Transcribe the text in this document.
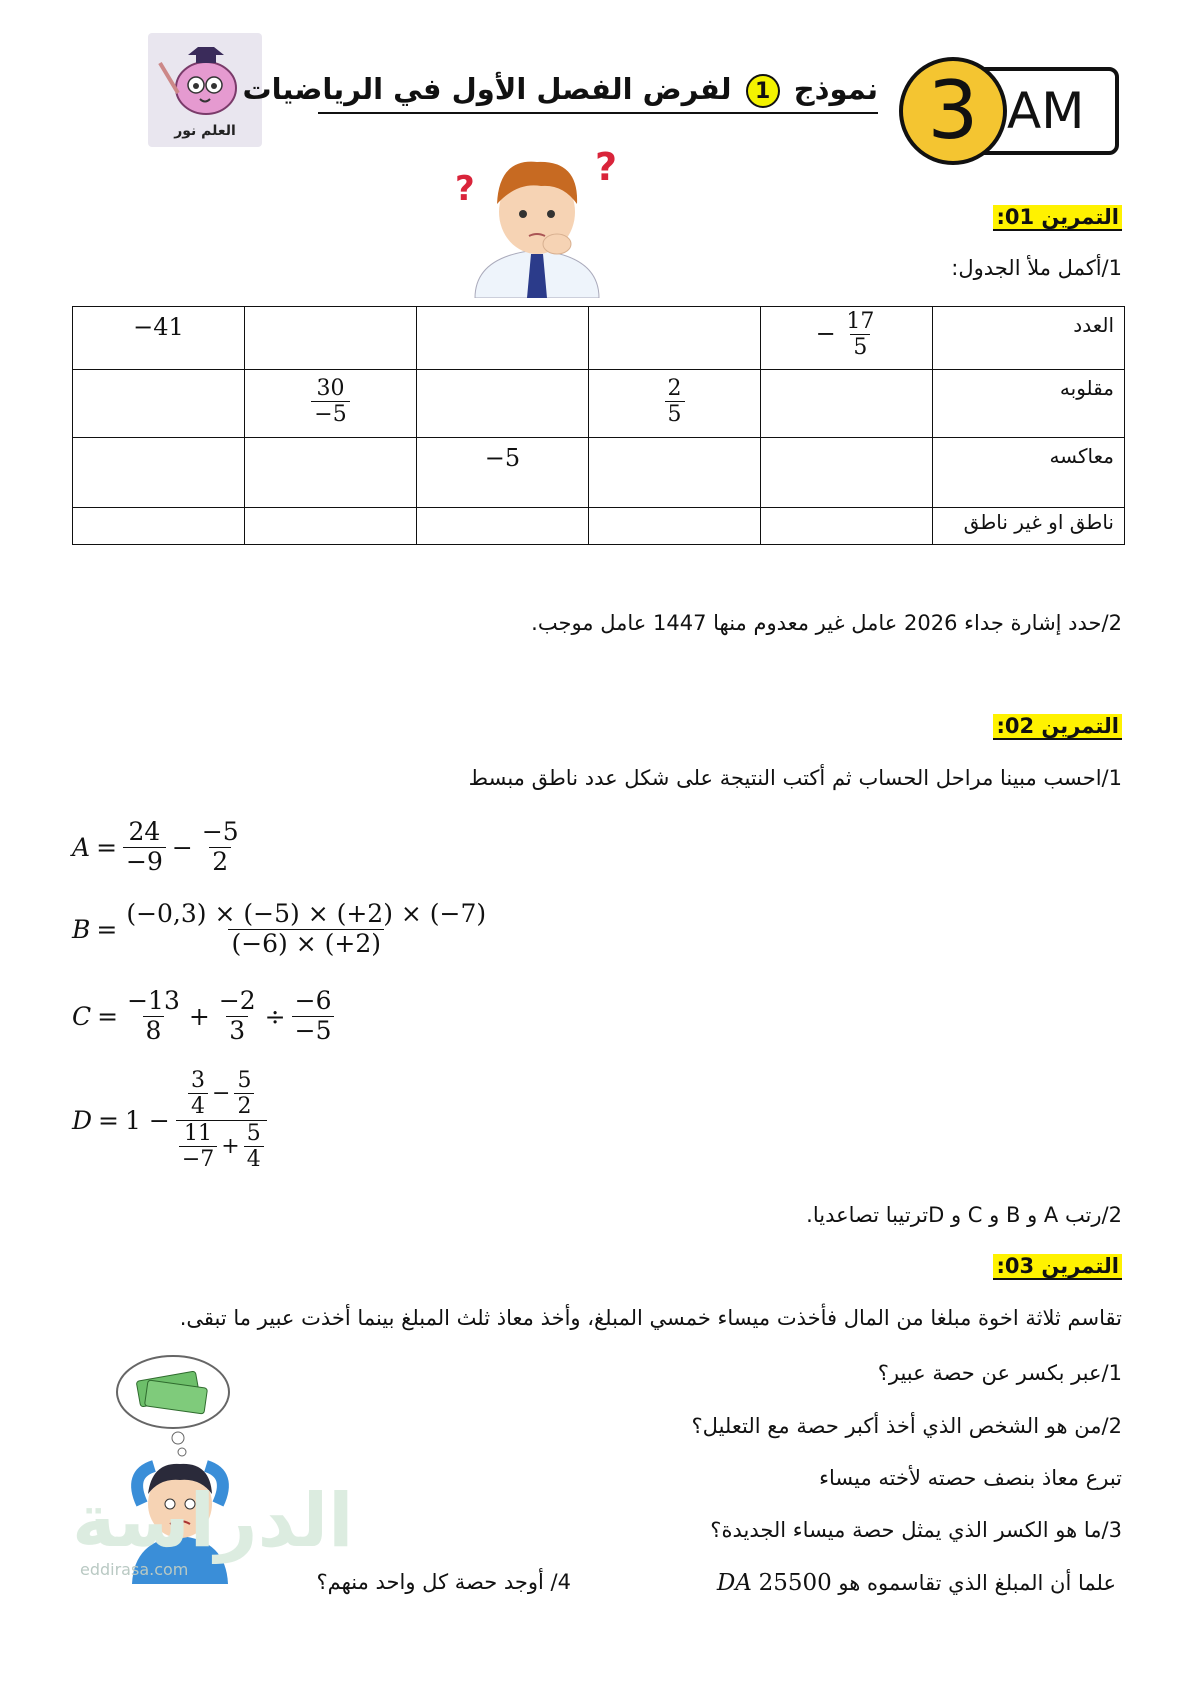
العلم نور
نموذج 1 لفرض الفصل الأول في الرياضيات	3 AM
?	?
التمرين 01:
1/أكمل ملأ الجدول:
−41				− $\frac{17}{5}$	العدد

	$\frac{30}{-5}$		$\frac{2}{5}$		مقلوبه

		−5			معاكسه
					ناطق او غير ناطق
2/حدد إشارة جداء 2026 عامل غير معدوم منها 1447 عامل موجب.
التمرين 02:
1/احسب مبينا مراحل الحساب ثم أكتب النتيجة على شكل عدد ناطق مبسط
$A = \frac{24}{-9} - \frac{-5}{2}$
$B = \frac{(-0,3) \times (-5) \times (+2) \times (-7)}{(-6) \times (+2)}$
$C = \frac{-13}{8} + \frac{-2}{3} \div \frac{-6}{-5}$
$D = 1 - \frac{\frac{3}{4} - \frac{5}{2}}{\frac{11}{-7} + \frac{5}{4}}$
2/رتب A و B و C و Dترتيبا تصاعديا.
التمرين 03:
تقاسم ثلاثة اخوة مبلغا من المال فأخذت ميساء خمسي المبلغ، وأخذ معاذ ثلث المبلغ بينما أخذت عبير ما تبقى.
1/عبر بكسر عن حصة عبير؟
2/من هو الشخص الذي أخذ أكبر حصة مع التعليل؟
تبرع معاذ بنصف حصته لأخته ميساء
3/ما هو الكسر الذي يمثل حصة ميساء الجديدة؟
علما أن المبلغ الذي تقاسموه هو DA 25500
4/ أوجد حصة كل واحد منهم؟
الدراسة
eddirasa.com
